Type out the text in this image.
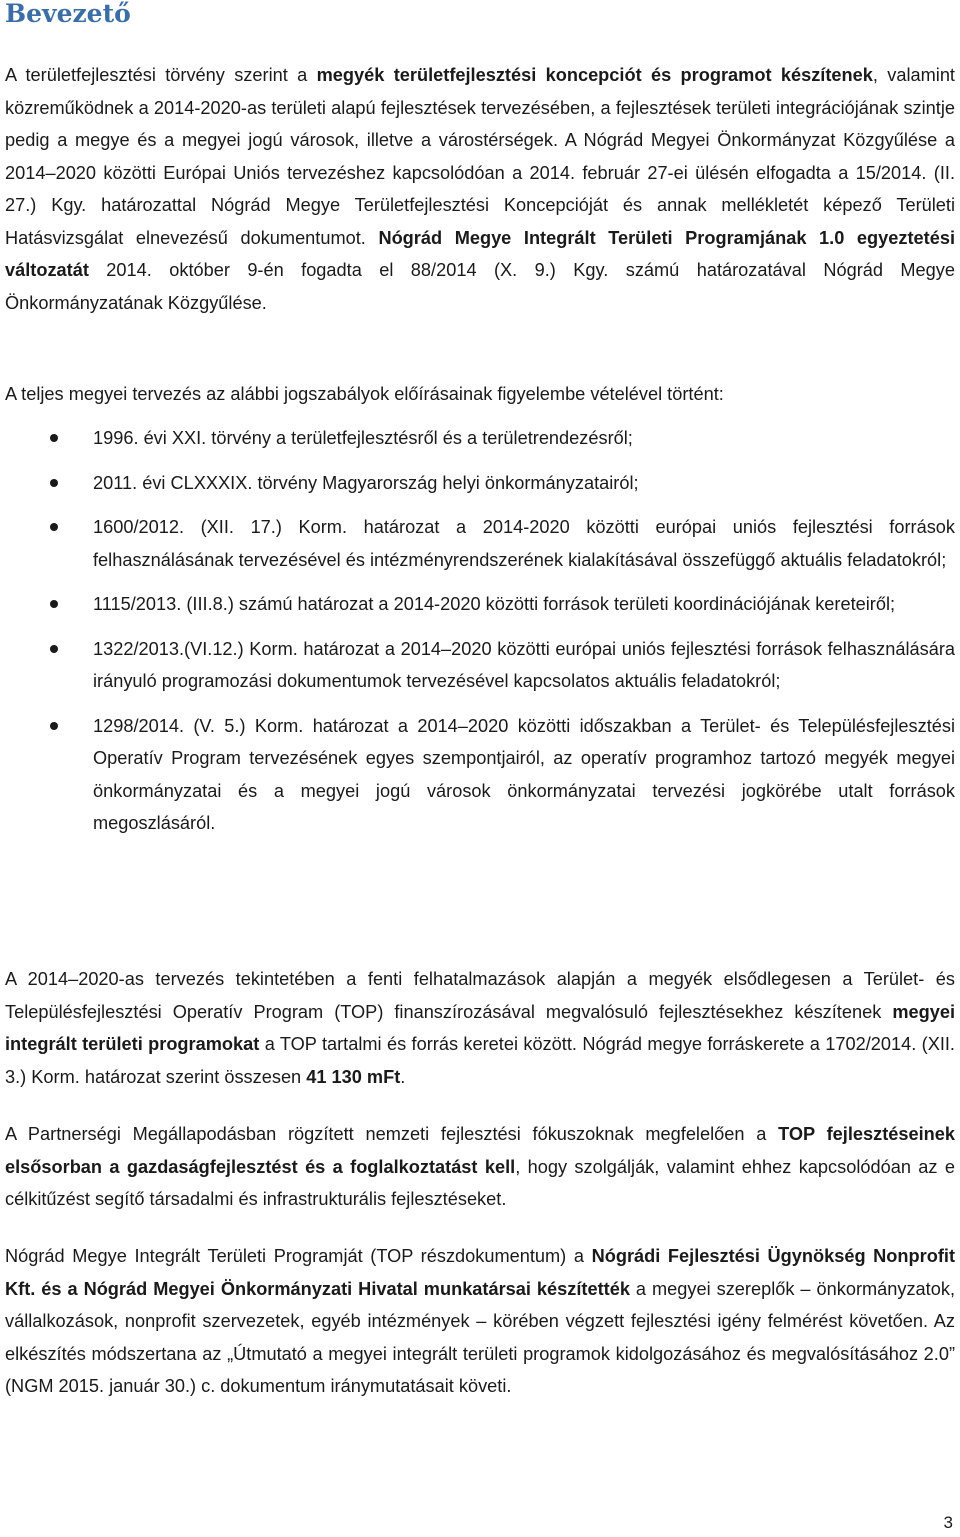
Bevezető

A területfejlesztési törvény szerint a megyék területfejlesztési koncepciót és programot készítenek, valamint közreműködnek a 2014-2020-as területi alapú fejlesztések tervezésében, a fejlesztések területi integrációjának szintje pedig a megye és a megyei jogú városok, illetve a várostérségek. A Nógrád Megyei Önkormányzat Közgyűlése a 2014–2020 közötti Európai Uniós tervezéshez kapcsolódóan a 2014. február 27-ei ülésén elfogadta a 15/2014. (II. 27.) Kgy. határozattal Nógrád Megye Területfejlesztési Koncepcióját és annak mellékletét képező Területi Hatásvizsgálat elnevezésű dokumentumot. Nógrád Megye Integrált Területi Programjának 1.0 egyeztetési változatát 2014. október 9-én fogadta el 88/2014 (X. 9.) Kgy. számú határozatával Nógrád Megye Önkormányzatának Közgyűlése.

A teljes megyei tervezés az alábbi jogszabályok előírásainak figyelembe vételével történt:

1996. évi XXI. törvény a területfejlesztésről és a területrendezésről;
2011. évi CLXXXIX. törvény Magyarország helyi önkormányzatairól;
1600/2012. (XII. 17.) Korm. határozat a 2014-2020 közötti európai uniós fejlesztési források felhasználásának tervezésével és intézményrendszerének kialakításával összefüggő aktuális feladatokról;
1115/2013. (III.8.) számú határozat a 2014-2020 közötti források területi koordinációjának kereteiről;
1322/2013.(VI.12.) Korm. határozat a 2014–2020 közötti európai uniós fejlesztési források felhasználására irányuló programozási dokumentumok tervezésével kapcsolatos aktuális feladatokról;
1298/2014. (V. 5.) Korm. határozat a 2014–2020 közötti időszakban a Terület- és Településfejlesztési Operatív Program tervezésének egyes szempontjairól, az operatív programhoz tartozó megyék megyei önkormányzatai és a megyei jogú városok önkormányzatai tervezési jogkörébe utalt források megoszlásáról.

A 2014–2020-as tervezés tekintetében a fenti felhatalmazások alapján a megyék elsődlegesen a Terület- és Településfejlesztési Operatív Program (TOP) finanszírozásával megvalósuló fejlesztésekhez készítenek megyei integrált területi programokat a TOP tartalmi és forrás keretei között. Nógrád megye forráskerete a 1702/2014. (XII. 3.) Korm. határozat szerint összesen 41 130 mFt.

A Partnerségi Megállapodásban rögzített nemzeti fejlesztési fókuszoknak megfelelően a TOP fejlesztéseinek elsősorban a gazdaságfejlesztést és a foglalkoztatást kell, hogy szolgálják, valamint ehhez kapcsolódóan az e célkitűzést segítő társadalmi és infrastrukturális fejlesztéseket.

Nógrád Megye Integrált Területi Programját (TOP részdokumentum) a Nógrádi Fejlesztési Ügynökség Nonprofit Kft. és a Nógrád Megyei Önkormányzati Hivatal munkatársai készítették a megyei szereplők – önkormányzatok, vállalkozások, nonprofit szervezetek, egyéb intézmények – körében végzett fejlesztési igény felmérést követően. Az elkészítés módszertana az „Útmutató a megyei integrált területi programok kidolgozásához és megvalósításához 2.0” (NGM 2015. január 30.) c. dokumentum iránymutatásait követi.

3
